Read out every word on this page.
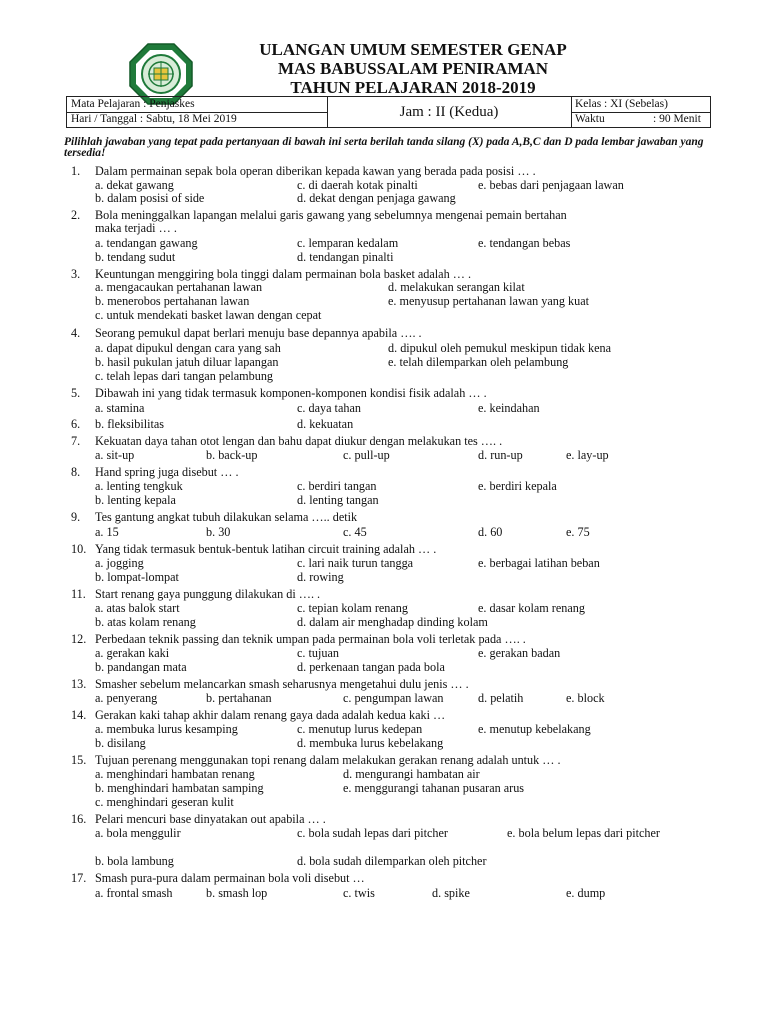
ULANGAN UMUM SEMESTER GENAP
MAS BABUSSALAM PENIRAMAN
TAHUN PELAJARAN 2018-2019
Mata Pelajaran : Penjaskes
Hari / Tanggal : Sabtu, 18 Mei 2019	Jam : II (Kedua)	Kelas : XI (Sebelas)
Waktu	: 90 Menit
Pilihlah jawaban yang tepat pada pertanyaan di bawah ini serta berilah tanda silang (X) pada A,B,C dan D pada lembar jawaban yang tersedia!
1. Dalam permainan sepak bola operan diberikan kepada kawan yang berada pada posisi … .
a. dekat gawang	c. di daerah kotak pinalti	e. bebas dari penjagaan lawan
b. dalam posisi of side	d. dekat dengan penjaga gawang
2. Bola meninggalkan lapangan melalui garis gawang yang sebelumnya mengenai pemain bertahan
maka terjadi … .
a. tendangan gawang	c. lemparan kedalam	e. tendangan bebas
b. tendang sudut	d. tendangan pinalti
3. Keuntungan menggiring bola tinggi dalam permainan bola basket adalah … .
a. mengacaukan pertahanan lawan	d. melakukan serangan kilat
b. menerobos pertahanan lawan	e. menyusup pertahanan lawan yang kuat
c. untuk mendekati basket lawan dengan cepat
4. Seorang pemukul dapat berlari menuju base depannya apabila …. .
a. dapat dipukul dengan cara yang sah	d. dipukul oleh pemukul meskipun tidak kena
b. hasil pukulan jatuh diluar lapangan	e. telah dilemparkan oleh pelambung
c. telah lepas dari tangan pelambung
5. Dibawah ini yang tidak termasuk komponen-komponen kondisi fisik adalah … .
a. stamina	c. daya tahan	e. keindahan
6. b. fleksibilitas	d. kekuatan
7. Kekuatan daya tahan otot lengan dan bahu dapat diukur dengan melakukan tes …. .
a. sit-up	b. back-up	c. pull-up	d. run-up	e. lay-up
8. Hand spring juga disebut … .
a. lenting tengkuk	c. berdiri tangan	e. berdiri kepala
b. lenting kepala	d. lenting tangan
9. Tes gantung angkat tubuh dilakukan selama ….. detik
a. 15	b. 30	c. 45	d. 60	e. 75
10. Yang tidak termasuk bentuk-bentuk latihan circuit training adalah … .
a. jogging	c. lari naik turun tangga	e. berbagai latihan beban
b. lompat-lompat	d. rowing
11. Start renang gaya punggung dilakukan di …. .
a. atas balok start	c. tepian kolam renang	e. dasar kolam renang
b. atas kolam renang	d. dalam air menghadap dinding kolam
12. Perbedaan teknik passing dan teknik umpan pada permainan bola voli terletak pada …. .
a. gerakan kaki	c. tujuan	e. gerakan badan
b. pandangan mata	d. perkenaan tangan pada bola
13. Smasher sebelum melancarkan smash seharusnya mengetahui dulu jenis … .
a. penyerang	b. pertahanan	c. pengumpan lawan	d. pelatih	e. block
14. Gerakan kaki tahap akhir dalam renang gaya dada adalah kedua kaki …
a. membuka lurus kesamping	c. menutup lurus kedepan	e. menutup kebelakang
b. disilang	d. membuka lurus kebelakang
15. Tujuan perenang menggunakan topi renang dalam melakukan gerakan renang adalah untuk … .
a. menghindari hambatan renang	d. mengurangi hambatan air
b. menghindari hambatan samping	e. menggurangi tahanan pusaran arus
c. menghindari geseran kulit
16. Pelari mencuri base dinyatakan out apabila … .
a. bola menggulir	c. bola sudah lepas dari pitcher	e. bola belum lepas dari pitcher
b. bola lambung	d. bola sudah dilemparkan oleh pitcher
17. Smash pura-pura dalam permainan bola voli disebut …
a. frontal smash	b. smash lop	c. twis	d. spike	e. dump
